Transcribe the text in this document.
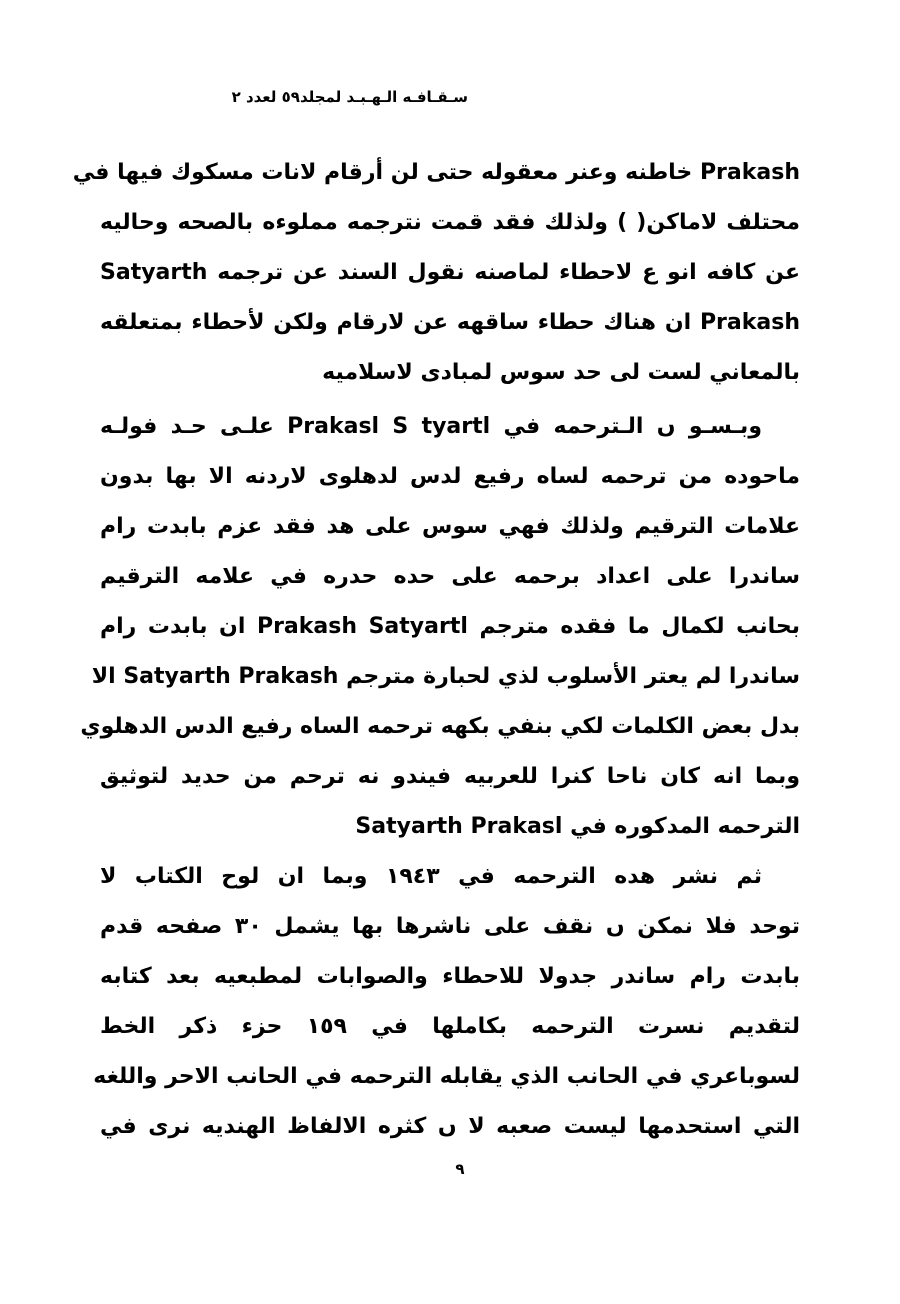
سـقـافـه الـهـبـد لمجلد٥٩ لعدد ٢
Prakash خاطنه وعنر معقوله حتى لن أرقام لانات مسكوك فيها في
محتلف لاماكن( ) ولذلك فقد قمت نترجمه مملوءه بالصحه وحاليه
عن كافه انو ع لاحطاء لماصنه نقول السند عن ترجمه Satyarth
Prakash ان هناك حطاء ساقهه عن لارقام ولكن لأحطاء بمتعلقه
بالمعاني لست لى حد سوس لمبادى لاسلاميه
وبـسـو ں الـترحمه في Prakasl S tyartl علـى حـد فولـه
ماحوده من ترحمه لساه رفيع لدس لدهلوى لاردنه الا بها بدون
علامات الترقيم ولذلك فهي سوس على هد فقد عزم بابدت رام
ساندرا على اعداد برحمه على حده حدره في علامه الترقيم
بحانب لكمال ما فقده مترجم Prakash Satyartl ان بابدت رام
ساندرا لم يعتر الأسلوب لذي لحبارة مترجم Satyarth Prakash الا
بدل بعض الكلمات لكي بنفي بكهه ترحمه الساه رفيع الدس الدهلوي
وبما انه كان ناحا كنرا للعربيه فيندو نه ترحم من حديد لتوثيق
الترحمه المدكوره في Satyarth Prakasl
ثم نشر هده الترحمه في ١٩٤٣ وبما ان لوح الكتاب لا
توحد فلا نمكن ں نقف على ناشرها بها يشمل ٣٠ صفحه قدم
بابدت رام ساندر جدولا للاحطاء والصوابات لمطبعيه بعد كتابه
لتقديم نسرت الترحمه بكاملها في ١٥٩ حزء ذكر الخط
لسوباعري في الحانب الذي يقابله الترحمه في الحانب الاحر واللغه
التي استحدمها ليست صعبه لا ں كثره الالفاظ الهنديه نرى في
٩
